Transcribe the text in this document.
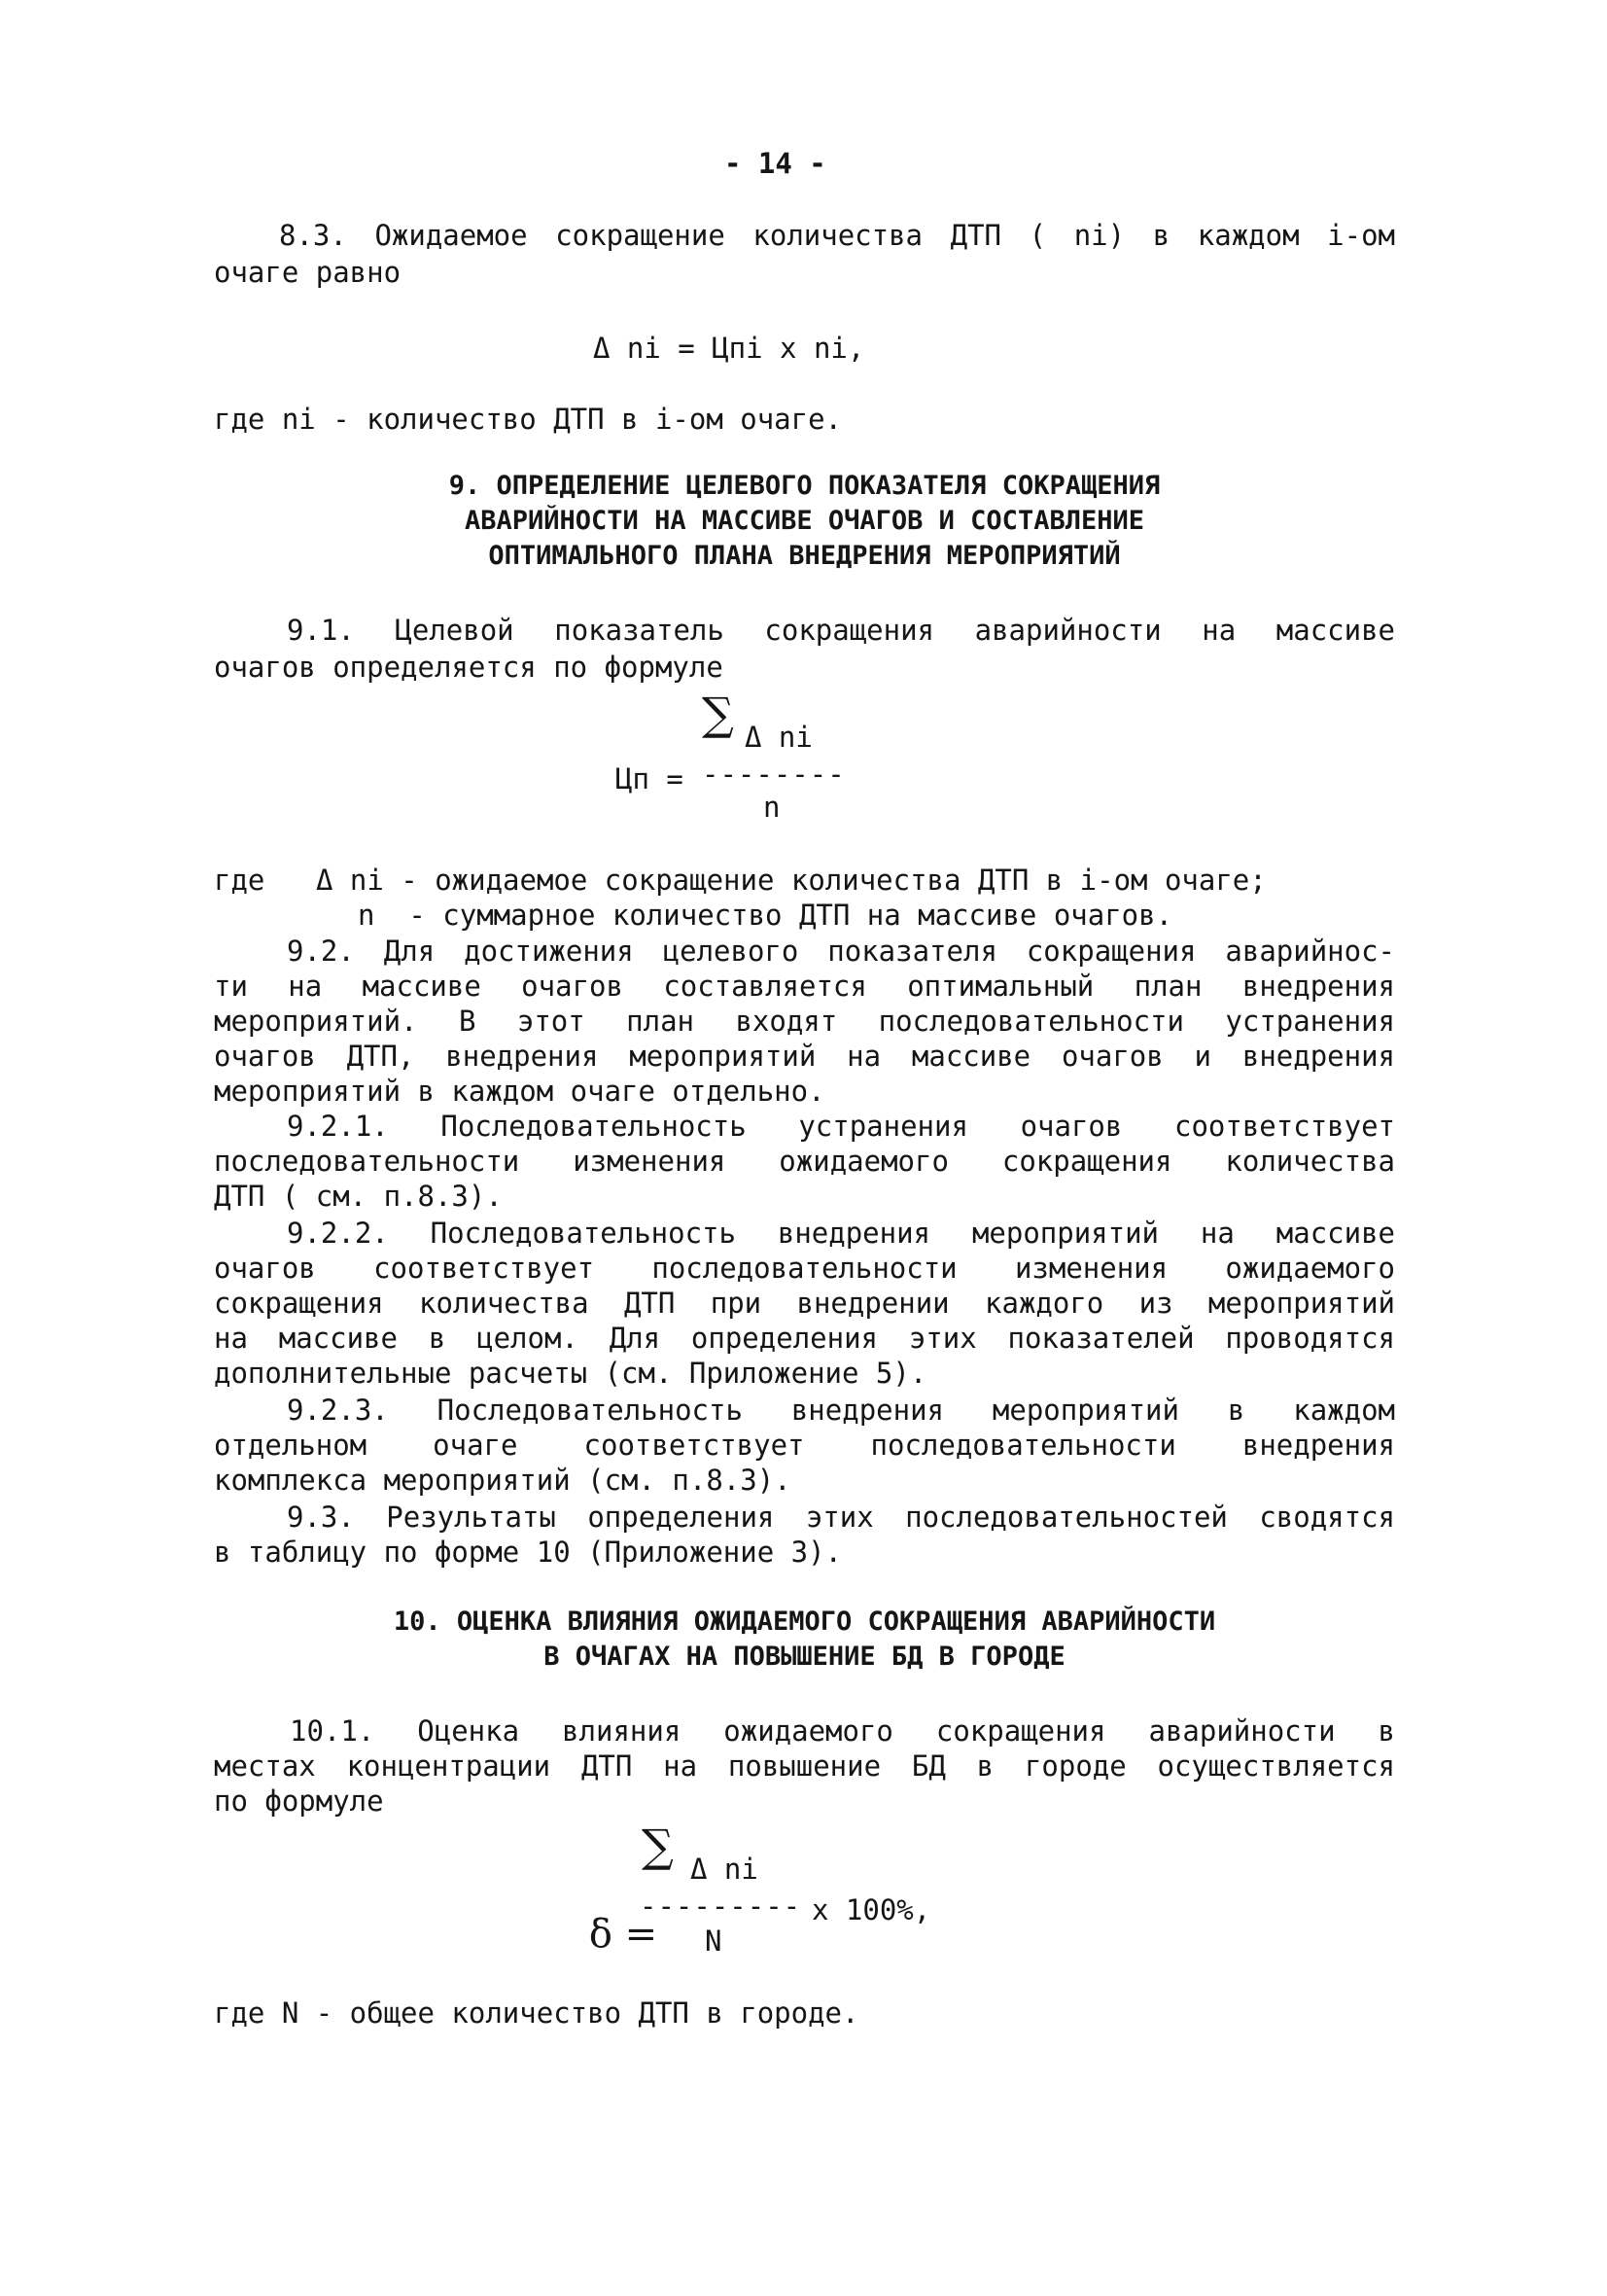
- 14 -
8.3. Ожидаемое сокращение количества ДТП ( ni) в каждом i-ом
очаге равно
Δ ni = Цпi x ni,
где ni - количество ДТП в i-ом очаге.
9. ОПРЕДЕЛЕНИЕ ЦЕЛЕВОГО ПОКАЗАТЕЛЯ СОКРАЩЕНИЯ
АВАРИЙНОСТИ НА МАССИВЕ ОЧАГОВ И СОСТАВЛЕНИЕ
ОПТИМАЛЬНОГО ПЛАНА ВНЕДРЕНИЯ МЕРОПРИЯТИЙ
9.1. Целевой показатель сокращения аварийности на массиве
очагов определяется по формуле
∑ Δ ni
Цп = --------
n
где Δ ni - ожидаемое сокращение количества ДТП в i-ом очаге;
n  - суммарное количество ДТП на массиве очагов.
9.2. Для достижения целевого показателя сокращения аварийнос-
ти на массиве очагов составляется оптимальный план внедрения
мероприятий. В этот план входят последовательности устранения
очагов ДТП, внедрения мероприятий на массиве очагов и внедрения
мероприятий в каждом очаге отдельно.
9.2.1. Последовательность устранения очагов соответствует
последовательности изменения ожидаемого сокращения количества
ДТП ( см. п.8.3).
9.2.2. Последовательность внедрения мероприятий на массиве
очагов соответствует последовательности изменения ожидаемого
сокращения количества ДТП при внедрении каждого из мероприятий
на массиве в целом. Для определения этих показателей проводятся
дополнительные расчеты (см. Приложение 5).
9.2.3. Последовательность внедрения мероприятий в каждом
отдельном очаге соответствует последовательности внедрения
комплекса мероприятий (см. п.8.3).
9.3. Результаты определения этих последовательностей сводятся
в таблицу по форме 10 (Приложение 3).
10. ОЦЕНКА ВЛИЯНИЯ ОЖИДАЕМОГО СОКРАЩЕНИЯ АВАРИЙНОСТИ
В ОЧАГАХ НА ПОВЫШЕНИЕ БД В ГОРОДЕ
10.1. Оценка влияния ожидаемого сокращения аварийности в
местах концентрации ДТП на повышение БД в городе осуществляется
по формуле
∑ Δ ni

δ =

--------- x 100%,
N
где N - общее количество ДТП в городе.
